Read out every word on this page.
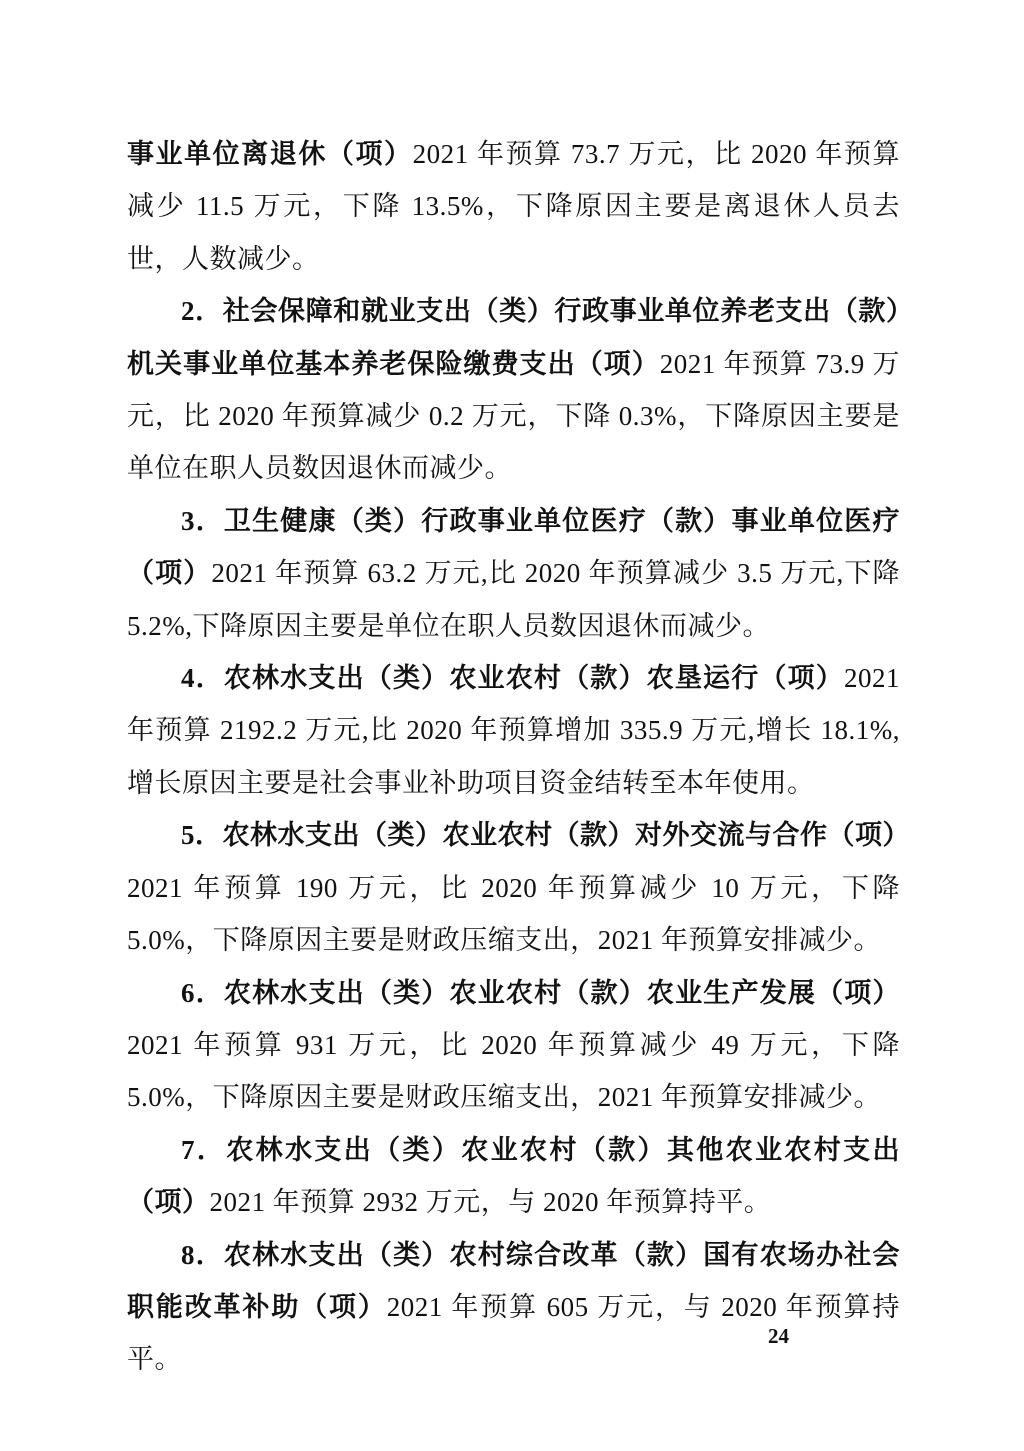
事业单位离退休（项）2021 年预算 73.7 万元，比 2020 年预算减少 11.5 万元，下降 13.5%，下降原因主要是离退休人员去世，人数减少。

2．社会保障和就业支出（类）行政事业单位养老支出（款）机关事业单位基本养老保险缴费支出（项）2021 年预算 73.9 万元，比 2020 年预算减少 0.2 万元，下降 0.3%，下降原因主要是单位在职人员数因退休而减少。

3．卫生健康（类）行政事业单位医疗（款）事业单位医疗（项）2021 年预算 63.2 万元,比 2020 年预算减少 3.5 万元,下降 5.2%,下降原因主要是单位在职人员数因退休而减少。

4．农林水支出（类）农业农村（款）农垦运行（项）2021 年预算 2192.2 万元,比 2020 年预算增加 335.9 万元,增长 18.1%,增长原因主要是社会事业补助项目资金结转至本年使用。

5．农林水支出（类）农业农村（款）对外交流与合作（项）2021 年预算 190 万元，比 2020 年预算减少 10 万元，下降 5.0%，下降原因主要是财政压缩支出，2021 年预算安排减少。

6．农林水支出（类）农业农村（款）农业生产发展（项）2021 年预算 931 万元，比 2020 年预算减少 49 万元，下降 5.0%，下降原因主要是财政压缩支出，2021 年预算安排减少。

7．农林水支出（类）农业农村（款）其他农业农村支出（项）2021 年预算 2932 万元，与 2020 年预算持平。

8．农林水支出（类）农村综合改革（款）国有农场办社会职能改革补助（项）2021 年预算 605 万元，与 2020 年预算持平。

24
